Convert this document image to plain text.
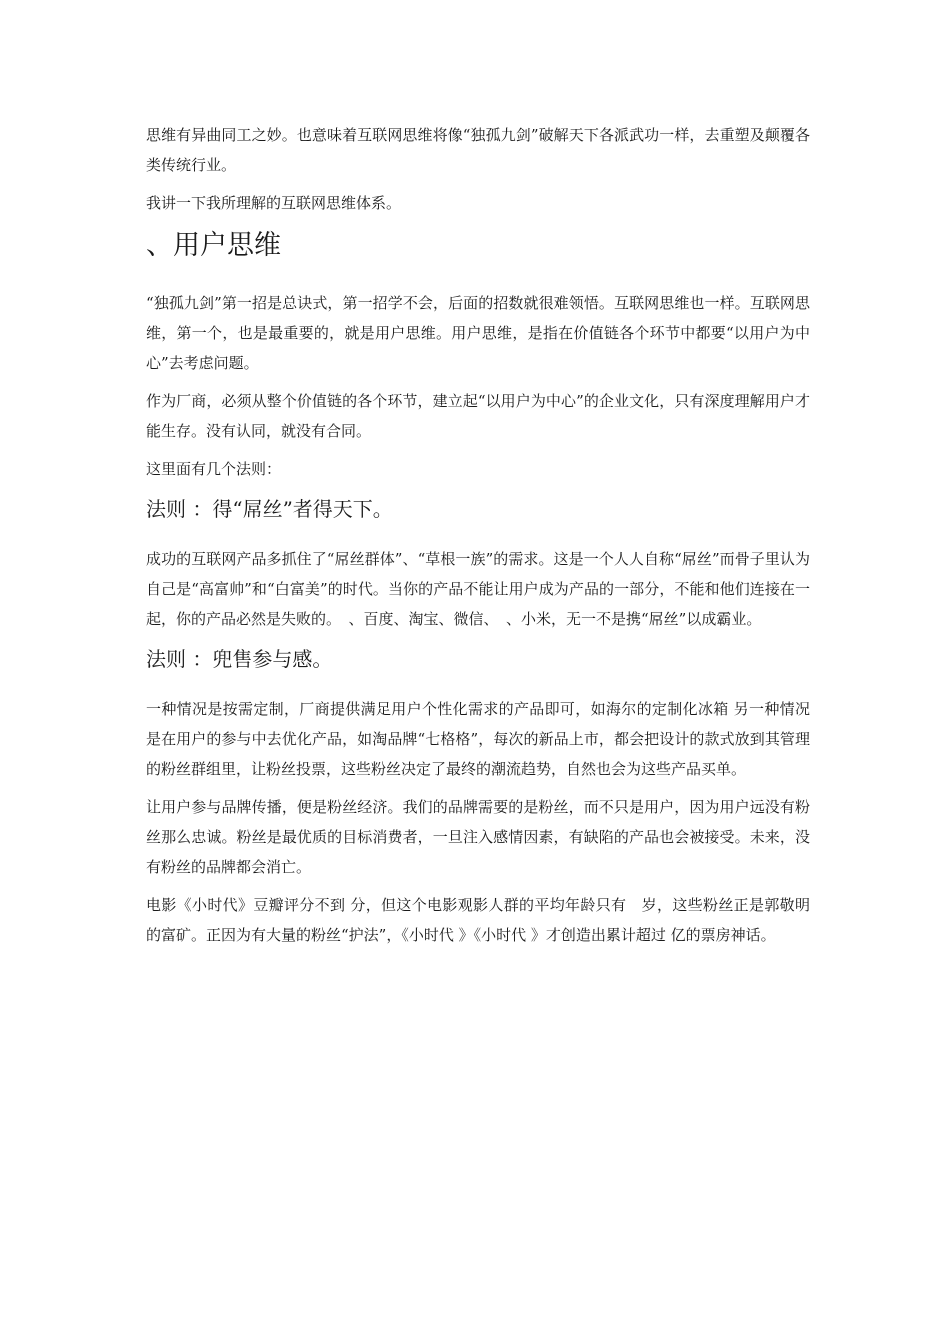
思维有异曲同工之妙。也意味着互联网思维将像“独孤九剑”破解天下各派武功一样，去重塑及颠覆各类传统行业。

我讲一下我所理解的互联网思维体系。

、用户思维

“独孤九剑”第一招是总诀式，第一招学不会，后面的招数就很难领悟。互联网思维也一样。互联网思维，第一个，也是最重要的，就是用户思维。用户思维，是指在价值链各个环节中都要“以用户为中心”去考虑问题。

作为厂商，必须从整个价值链的各个环节，建立起“以用户为中心”的企业文化，只有深度理解用户才能生存。没有认同，就没有合同。

这里面有几个法则：

法则 ：得“屌丝”者得天下。

成功的互联网产品多抓住了“屌丝群体”、“草根一族”的需求。这是一个人人自称“屌丝”而骨子里认为自己是“高富帅”和“白富美”的时代。当你的产品不能让用户成为产品的一部分，不能和他们连接在一起，你的产品必然是失败的。　、百度、淘宝、微信、　、小米，无一不是携“屌丝”以成霸业。

法则 ：兜售参与感。

一种情况是按需定制，厂商提供满足用户个性化需求的产品即可，如海尔的定制化冰箱 另一种情况是在用户的参与中去优化产品，如淘品牌“七格格”，每次的新品上市，都会把设计的款式放到其管理的粉丝群组里，让粉丝投票，这些粉丝决定了最终的潮流趋势，自然也会为这些产品买单。

让用户参与品牌传播，便是粉丝经济。我们的品牌需要的是粉丝，而不只是用户，因为用户远没有粉丝那么忠诚。粉丝是最优质的目标消费者，一旦注入感情因素，有缺陷的产品也会被接受。未来，没有粉丝的品牌都会消亡。

电影《小时代》豆瓣评分不到 分，但这个电影观影人群的平均年龄只有　岁，这些粉丝正是郭敬明的富矿。正因为有大量的粉丝“护法”，《小时代 》《小时代 》才创造出累计超过 亿的票房神话。
